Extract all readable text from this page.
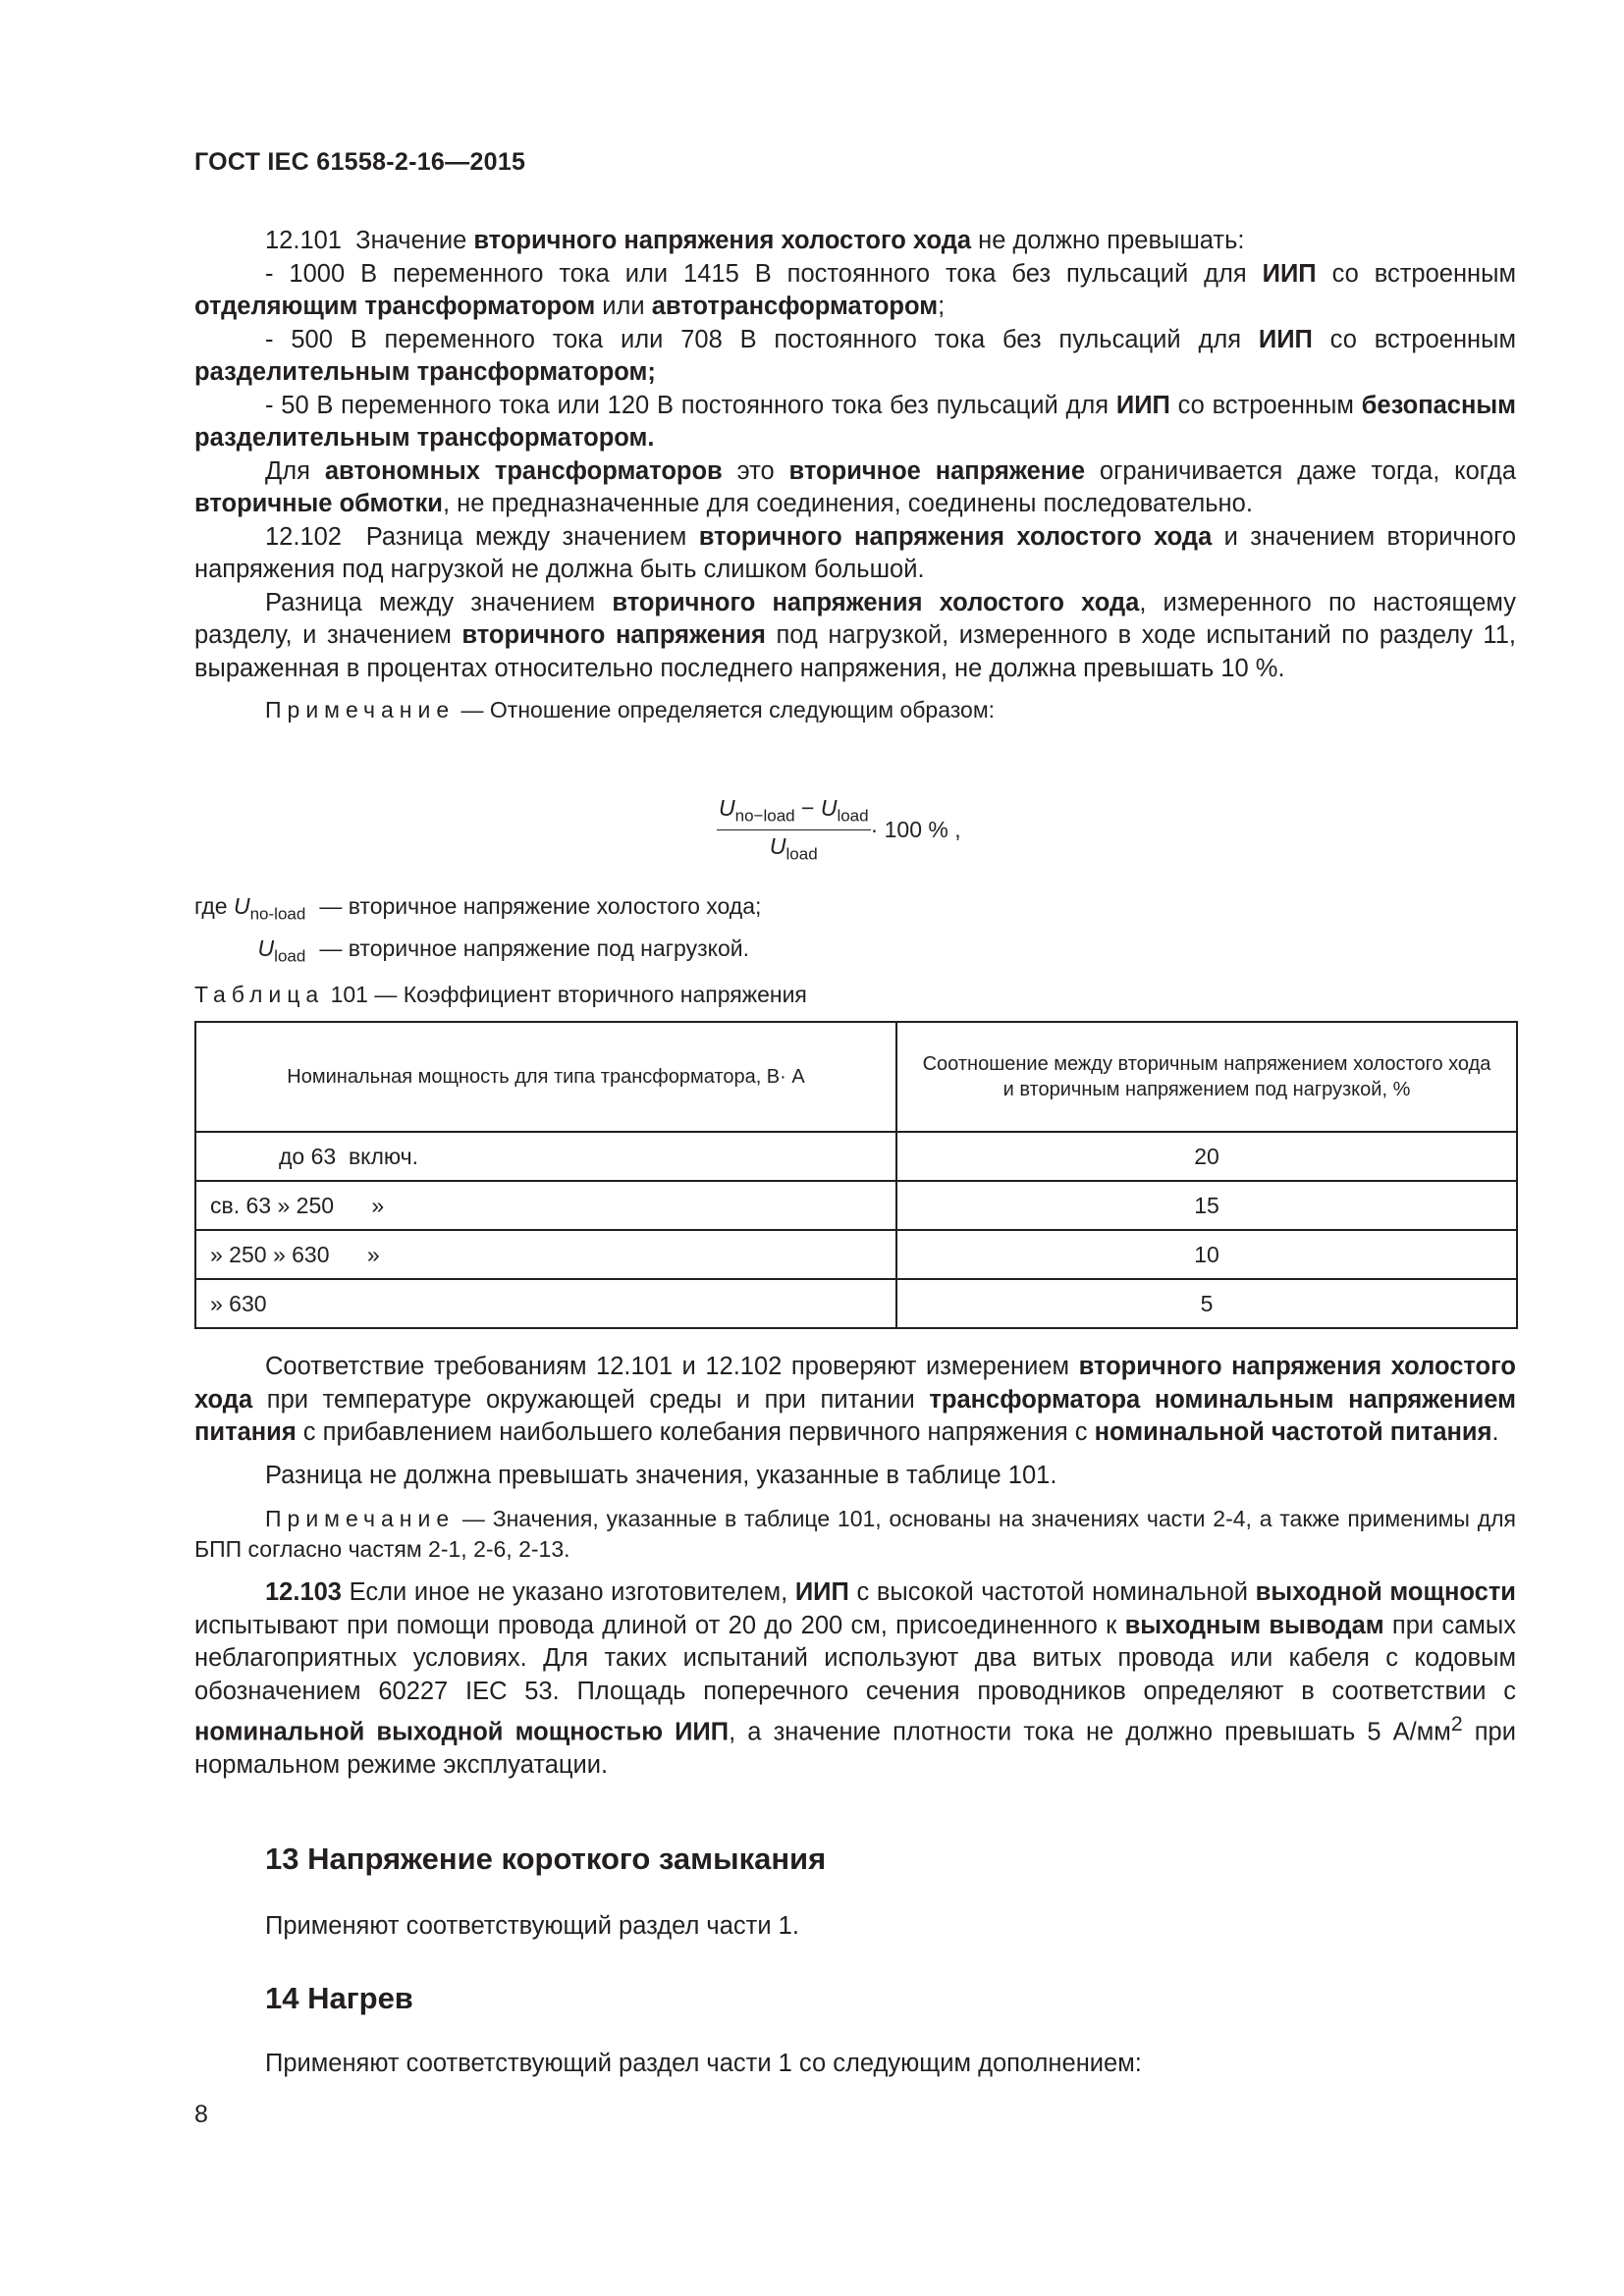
ГОСТ IEC 61558-2-16—2015

12.101 Значение вторичного напряжения холостого хода не должно превышать:

- 1000 В переменного тока или 1415 В постоянного тока без пульсаций для ИИП со встроенным отделяющим трансформатором или автотрансформатором;

- 500 В переменного тока или 708 В постоянного тока без пульсаций для ИИП со встроенным разделительным трансформатором;

- 50 В переменного тока или 120 В постоянного тока без пульсаций для ИИП со встроенным безопасным разделительным трансформатором.

Для автономных трансформаторов это вторичное напряжение ограничивается даже тогда, когда вторичные обмотки, не предназначенные для соединения, соединены последовательно.

12.102 Разница между значением вторичного напряжения холостого хода и значением вторичного напряжения под нагрузкой не должна быть слишком большой.

Разница между значением вторичного напряжения холостого хода, измеренного по настоящему разделу, и значением вторичного напряжения под нагрузкой, измеренного в ходе испытаний по разделу 11, выраженная в процентах относительно последнего напряжения, не должна превышать 10 %.

Примечание — Отношение определяется следующим образом:

$\frac{U_{no-load} - U_{load}}{U_{load}} \cdot 100$ % ,
где $U_{no-load}$	— вторичное напряжение холостого хода;
$U_{load}$	— вторичное напряжение под нагрузкой.
Таблица 101 — Коэффициент вторичного напряжения
Номинальная мощность для типа трансформатора, В· А	Соотношение между вторичным напряжением холостого хода и вторичным напряжением под нагрузкой, %
до 63  включ.	20
св. 63 » 250      »	15
» 250 » 630      »	10
» 630	5

Соответствие требованиям 12.101 и 12.102 проверяют измерением вторичного напряжения холостого хода при температуре окружающей среды и при питании трансформатора номинальным напряжением питания с прибавлением наибольшего колебания первичного напряжения с номинальной частотой питания.

Разница не должна превышать значения, указанные в таблице 101.

Примечание — Значения, указанные в таблице 101, основаны на значениях части 2-4, а также применимы для БПП согласно частям 2-1, 2-6, 2-13.

12.103 Если иное не указано изготовителем, ИИП с высокой частотой номинальной выходной мощности испытывают при помощи провода длиной от 20 до 200 см, присоединенного к выходным выводам при самых неблагоприятных условиях. Для таких испытаний используют два витых провода или кабеля с кодовым обозначением 60227 IEC 53. Площадь поперечного сечения проводников определяют в соответствии с номинальной выходной мощностью ИИП, а значение плотности тока не должно превышать 5 $А/мм^2$ при нормальном режиме эксплуатации.

13 Напряжение короткого замыкания
Применяют соответствующий раздел части 1.
14 Нагрев
Применяют соответствующий раздел части 1 со следующим дополнением:
8
